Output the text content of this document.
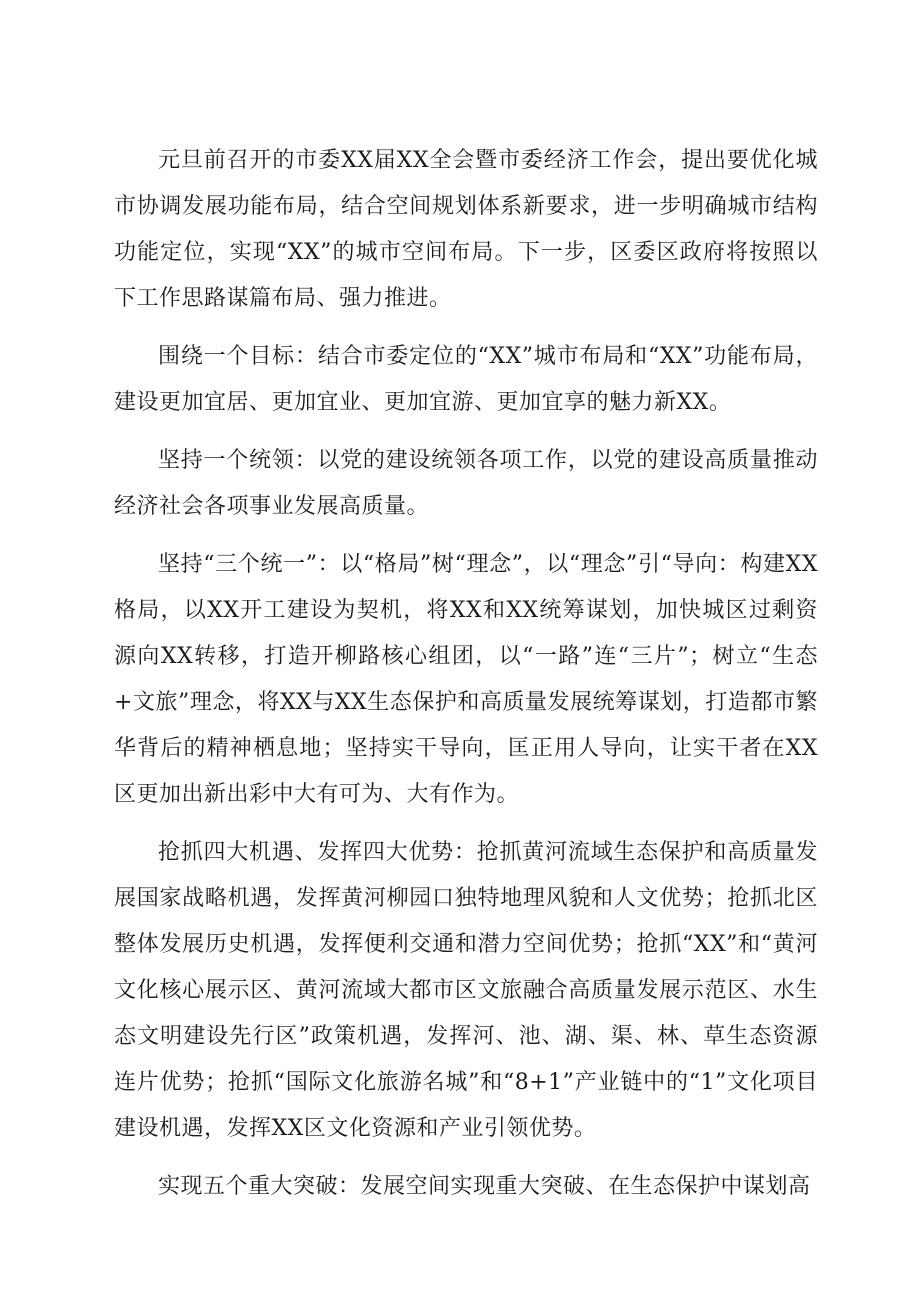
元旦前召开的市委XX届XX全会暨市委经济工作会，提出要优化城市协调发展功能布局，结合空间规划体系新要求，进一步明确城市结构功能定位，实现“XX”的城市空间布局。下一步，区委区政府将按照以下工作思路谋篇布局、强力推进。

围绕一个目标：结合市委定位的“XX”城市布局和“XX”功能布局，建设更加宜居、更加宜业、更加宜游、更加宜享的魅力新XX。

坚持一个统领：以党的建设统领各项工作，以党的建设高质量推动经济社会各项事业发展高质量。

坚持“三个统一”：以“格局”树“理念”，以“理念”引“导向：构建XX格局，以XX开工建设为契机，将XX和XX统筹谋划，加快城区过剩资源向XX转移，打造开柳路核心组团，以“一路”连“三片”；树立“生态+文旅”理念，将XX与XX生态保护和高质量发展统筹谋划，打造都市繁华背后的精神栖息地；坚持实干导向，匡正用人导向，让实干者在XX区更加出新出彩中大有可为、大有作为。

抢抓四大机遇、发挥四大优势：抢抓黄河流域生态保护和高质量发展国家战略机遇，发挥黄河柳园口独特地理风貌和人文优势；抢抓北区整体发展历史机遇，发挥便利交通和潜力空间优势；抢抓“XX”和“黄河文化核心展示区、黄河流域大都市区文旅融合高质量发展示范区、水生态文明建设先行区”政策机遇，发挥河、池、湖、渠、林、草生态资源连片优势；抢抓“国际文化旅游名城”和“8+1”产业链中的“1”文化项目建设机遇，发挥XX区文化资源和产业引领优势。

实现五个重大突破：发展空间实现重大突破、在生态保护中谋划高
